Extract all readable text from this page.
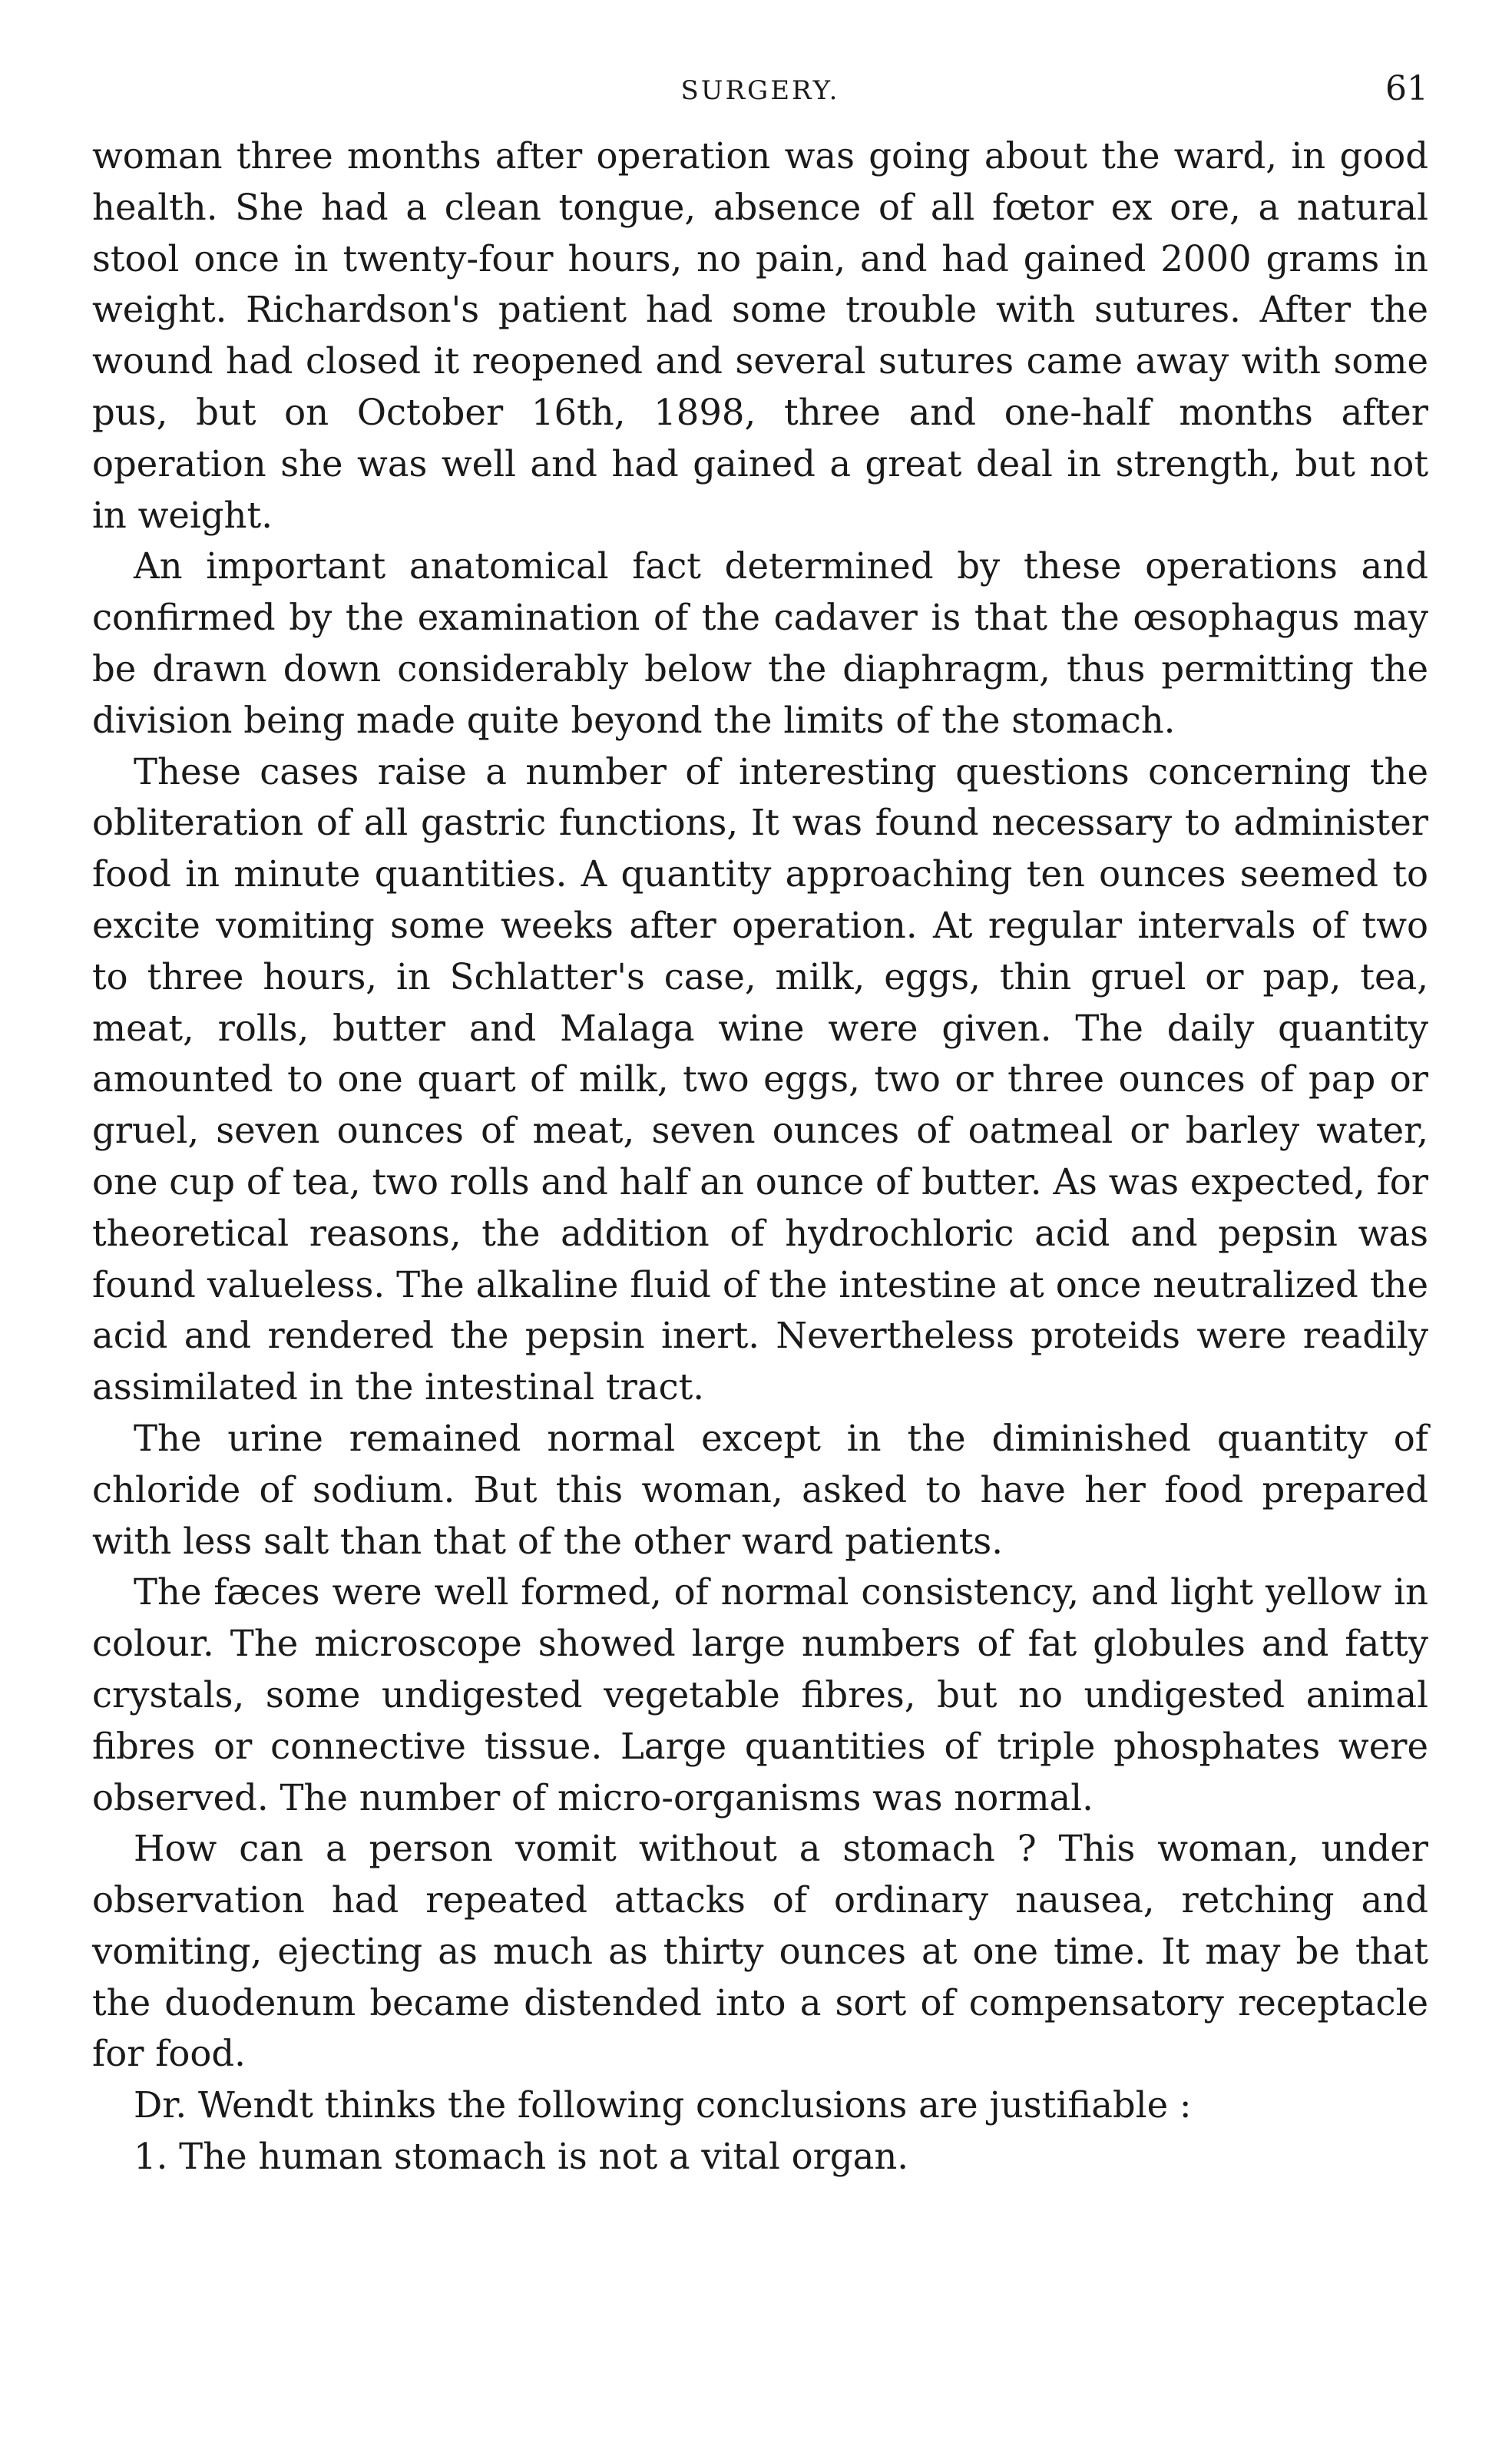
SURGERY.	61

woman three months after operation was going about the ward, in good health. She had a clean tongue, absence of all fœtor ex ore, a natural stool once in twenty-four hours, no pain, and had gained 2000 grams in weight. Richardson's patient had some trouble with sutures. After the wound had closed it reopened and several sutures came away with some pus, but on October 16th, 1898, three and one-half months after operation she was well and had gained a great deal in strength, but not in weight.

An important anatomical fact determined by these operations and confirmed by the examination of the cadaver is that the œsophagus may be drawn down considerably below the diaphragm, thus permitting the division being made quite beyond the limits of the stomach.

These cases raise a number of interesting questions concerning the obliteration of all gastric functions, It was found necessary to administer food in minute quantities. A quantity approaching ten ounces seemed to excite vomiting some weeks after operation. At regular intervals of two to three hours, in Schlatter's case, milk, eggs, thin gruel or pap, tea, meat, rolls, butter and Malaga wine were given. The daily quantity amounted to one quart of milk, two eggs, two or three ounces of pap or gruel, seven ounces of meat, seven ounces of oatmeal or barley water, one cup of tea, two rolls and half an ounce of butter. As was expected, for theoretical reasons, the addition of hydrochloric acid and pepsin was found valueless. The alkaline fluid of the intestine at once neutralized the acid and rendered the pepsin inert. Nevertheless proteids were readily assimilated in the intestinal tract.

The urine remained normal except in the diminished quantity of chloride of sodium. But this woman, asked to have her food prepared with less salt than that of the other ward patients.

The fæces were well formed, of normal consistency, and light yellow in colour. The microscope showed large numbers of fat globules and fatty crystals, some undigested vegetable fibres, but no undigested animal fibres or connective tissue. Large quantities of triple phosphates were observed. The number of micro-organisms was normal.

How can a person vomit without a stomach ? This woman, under observation had repeated attacks of ordinary nausea, retching and vomiting, ejecting as much as thirty ounces at one time. It may be that the duodenum became distended into a sort of compensatory receptacle for food.

Dr. Wendt thinks the following conclusions are justifiable :

1. The human stomach is not a vital organ.
